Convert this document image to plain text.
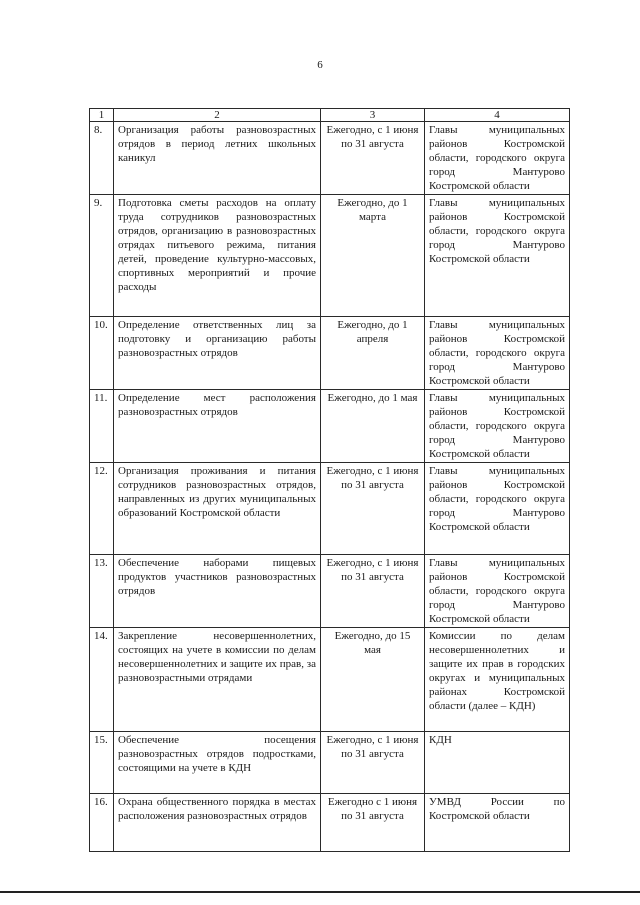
6
1	2	3	4
8.	Организация работы разновозрастных отрядов в период летних школьных каникул	Ежегодно, с 1 июня по 31 августа	Главы муниципальных районов Костромской области, городского округа город Мантурово Костромской области
9.	Подготовка сметы расходов на оплату труда сотрудников разновозрастных отрядов, организацию в разновозрастных отрядах питьевого режима, питания детей, проведение культурно-массовых, спортивных мероприятий и прочие расходы	Ежегодно, до 1 марта	Главы муниципальных районов Костромской области, городского округа город Мантурово Костромской области
10.	Определение ответственных лиц за подготовку и организацию работы разновозрастных отрядов	Ежегодно, до 1 апреля	Главы муниципальных районов Костромской области, городского округа город Мантурово Костромской области
11.	Определение мест расположения разновозрастных отрядов	Ежегодно, до 1 мая	Главы муниципальных районов Костромской области, городского округа город Мантурово Костромской области
12.	Организация проживания и питания сотрудников разновозрастных отрядов, направленных из других муниципальных образований Костромской области	Ежегодно, с 1 июня по 31 августа	Главы муниципальных районов Костромской области, городского округа город Мантурово Костромской области
13.	Обеспечение наборами пищевых продуктов участников разновозрастных отрядов	Ежегодно, с 1 июня по 31 августа	Главы муниципальных районов Костромской области, городского округа город Мантурово Костромской области
14.	Закрепление несовершеннолетних, состоящих на учете в комиссии по делам несовершеннолетних и защите их прав, за разновозрастными отрядами	Ежегодно, до 15 мая	Комиссии по делам несовершеннолетних и защите их прав в городских округах и муниципальных районах Костромской области (далее – КДН)
15.	Обеспечение посещения разновозрастных отрядов подростками, состоящими на учете в КДН	Ежегодно, с 1 июня по 31 августа	КДН
16.	Охрана общественного порядка в местах расположения разновозрастных отрядов	Ежегодно с 1 июня по 31 августа	УМВД России по Костромской области
